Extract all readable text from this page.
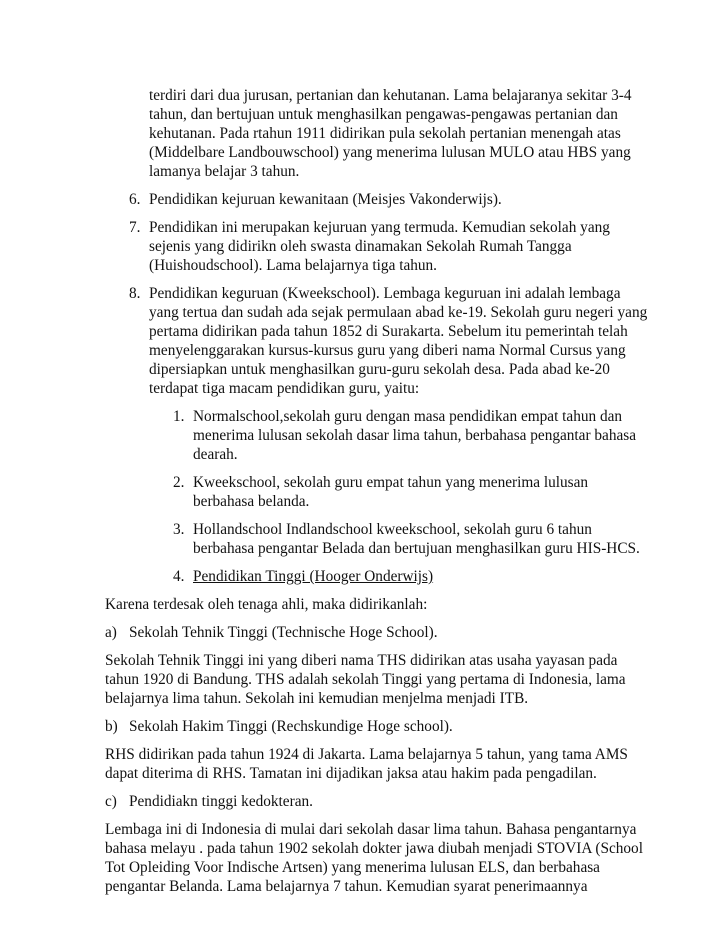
terdiri dari dua jurusan, pertanian dan kehutanan. Lama belajaranya sekitar 3-4
tahun, dan bertujuan untuk menghasilkan pengawas-pengawas pertanian dan
kehutanan. Pada rtahun 1911 didirikan pula sekolah pertanian menengah atas
(Middelbare Landbouwschool) yang menerima lulusan MULO atau HBS yang
lamanya belajar 3 tahun.
6. Pendidikan kejuruan kewanitaan (Meisjes Vakonderwijs).
7. Pendidikan ini merupakan kejuruan yang termuda. Kemudian sekolah yang
sejenis yang didirikn oleh swasta dinamakan Sekolah Rumah Tangga
(Huishoudschool). Lama belajarnya tiga tahun.
8. Pendidikan keguruan (Kweekschool). Lembaga keguruan ini adalah lembaga
yang tertua dan sudah ada sejak permulaan abad ke-19. Sekolah guru negeri yang
pertama didirikan pada tahun 1852 di Surakarta. Sebelum itu pemerintah telah
menyelenggarakan kursus-kursus guru yang diberi nama Normal Cursus yang
dipersiapkan untuk menghasilkan guru-guru sekolah desa. Pada abad ke-20
terdapat tiga macam pendidikan guru, yaitu:
1. Normalschool,sekolah guru dengan masa pendidikan empat tahun dan
menerima lulusan sekolah dasar lima tahun, berbahasa pengantar bahasa
dearah.
2. Kweekschool, sekolah guru empat tahun yang menerima lulusan
berbahasa belanda.
3. Hollandschool Indlandschool kweekschool, sekolah guru 6 tahun
berbahasa pengantar Belada dan bertujuan menghasilkan guru HIS-HCS.
4. Pendidikan Tinggi (Hooger Onderwijs)
Karena terdesak oleh tenaga ahli, maka didirikanlah:
a) Sekolah Tehnik Tinggi (Technische Hoge School).
Sekolah Tehnik Tinggi ini yang diberi nama THS didirikan atas usaha yayasan pada
tahun 1920 di Bandung. THS adalah sekolah Tinggi yang pertama di Indonesia, lama
belajarnya lima tahun. Sekolah ini kemudian menjelma menjadi ITB.
b) Sekolah Hakim Tinggi (Rechskundige Hoge school).
RHS didirikan pada tahun 1924 di Jakarta. Lama belajarnya 5 tahun, yang tama AMS
dapat diterima di RHS. Tamatan ini dijadikan jaksa atau hakim pada pengadilan.
c) Pendidiakn tinggi kedokteran.
Lembaga ini di Indonesia di mulai dari sekolah dasar lima tahun. Bahasa pengantarnya
bahasa melayu . pada tahun 1902 sekolah dokter jawa diubah menjadi STOVIA (School
Tot Opleiding Voor Indische Artsen) yang menerima lulusan ELS, dan berbahasa
pengantar Belanda. Lama belajarnya 7 tahun. Kemudian syarat penerimaannya
